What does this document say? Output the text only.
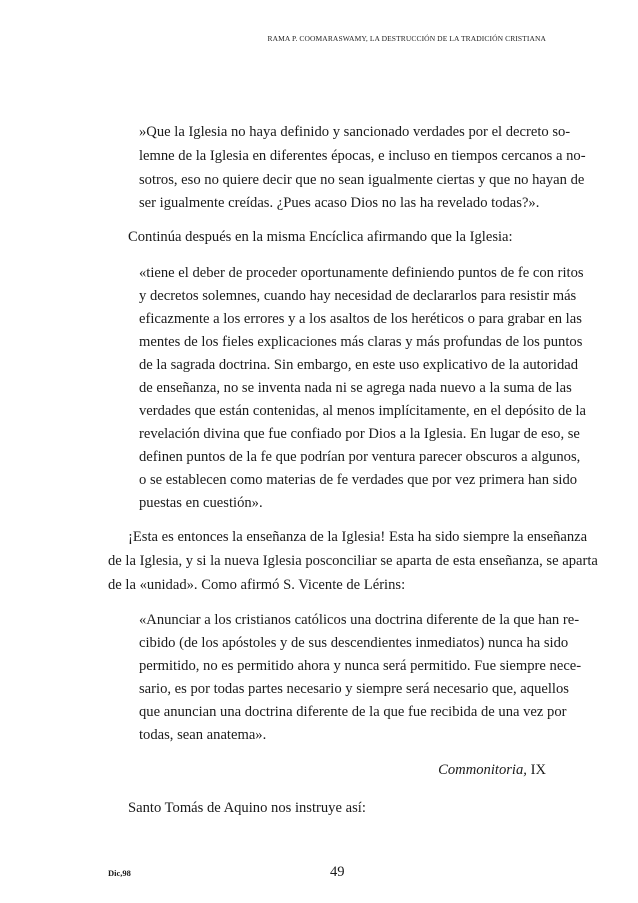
RAMA P. COOMARASWAMY, LA DESTRUCCIÓN DE LA TRADICIÓN CRISTIANA
»Que la Iglesia no haya definido y sancionado verdades por el decreto so-
lemne de la Iglesia en diferentes épocas, e incluso en tiempos cercanos a no-
sotros, eso no quiere decir que no sean igualmente ciertas y que no hayan de
ser igualmente creídas. ¿Pues acaso Dios no las ha revelado todas?».
Continúa después en la misma Encíclica afirmando que la Iglesia:
«tiene el deber de proceder oportunamente definiendo puntos de fe con ritos
y decretos solemnes, cuando hay necesidad de declararlos para resistir más
eficazmente a los errores y a los asaltos de los heréticos o para grabar en las
mentes de los fieles explicaciones más claras y más profundas de los puntos
de la sagrada doctrina. Sin embargo, en este uso explicativo de la autoridad
de enseñanza, no se inventa nada ni se agrega nada nuevo a la suma de las
verdades que están contenidas, al menos implícitamente, en el depósito de la
revelación divina que fue confiado por Dios a la Iglesia. En lugar de eso, se
definen puntos de la fe que podrían por ventura parecer obscuros a algunos,
o se establecen como materias de fe verdades que por vez primera han sido
puestas en cuestión».
¡Esta es entonces la enseñanza de la Iglesia! Esta ha sido siempre la enseñanza
de la Iglesia, y si la nueva Iglesia posconciliar se aparta de esta enseñanza, se aparta
de la «unidad». Como afirmó S. Vicente de Lérins:
«Anunciar a los cristianos católicos una doctrina diferente de la que han re-
cibido (de los apóstoles y de sus descendientes inmediatos) nunca ha sido
permitido, no es permitido ahora y nunca será permitido. Fue siempre nece-
sario, es por todas partes necesario y siempre será necesario que, aquellos
que anuncian una doctrina diferente de la que fue recibida de una vez por
todas, sean anatema».
Commonitoria, IX
Santo Tomás de Aquino nos instruye así:
Dic,98	49
